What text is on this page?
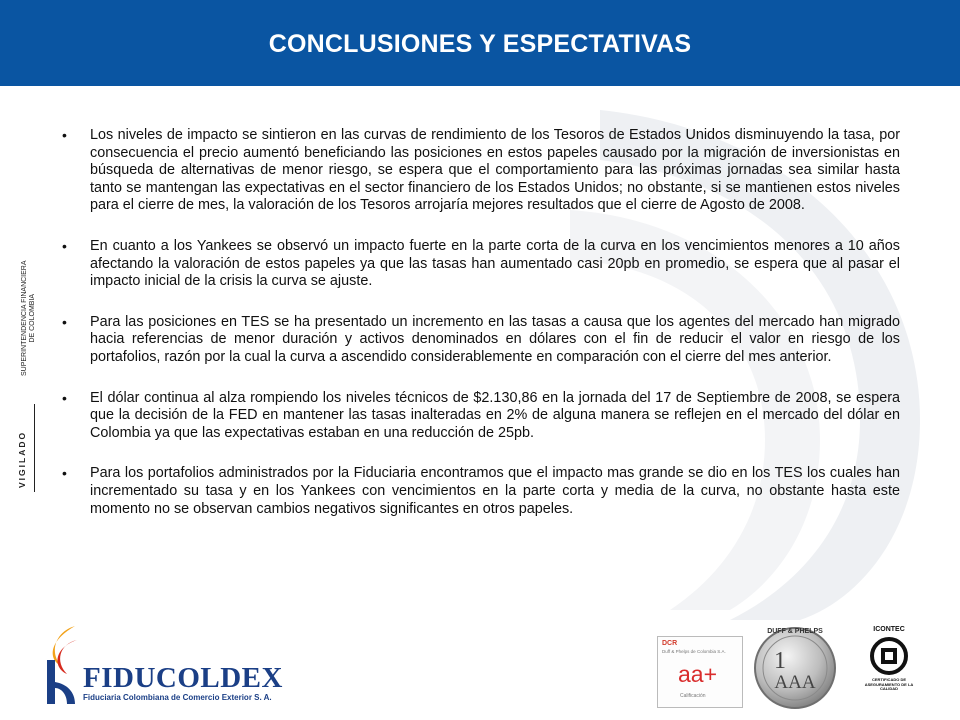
CONCLUSIONES Y ESPECTATIVAS
SUPERINTENDENCIA FINANCIERA DE COLOMBIA
VIGILADO
• Los niveles de impacto se sintieron en las curvas de rendimiento de los Tesoros de Estados Unidos disminuyendo la tasa, por consecuencia el precio aumentó beneficiando las posiciones en estos papeles causado por la migración de inversionistas en búsqueda de alternativas de menor riesgo, se espera que el comportamiento para las próximas jornadas sea similar hasta tanto se mantengan las expectativas en el sector financiero de los Estados Unidos; no obstante, si se mantienen estos niveles para el cierre de mes, la valoración de los Tesoros arrojaría mejores resultados que el cierre de Agosto de 2008.
• En cuanto a los Yankees se observó un impacto fuerte en la parte corta de la curva en los vencimientos menores a 10 años afectando la valoración de estos papeles ya que las tasas han aumentado casi 20pb en promedio, se espera que al pasar el impacto inicial de la crisis la curva se ajuste.
• Para las posiciones en TES se ha presentado un incremento en las tasas a causa que los agentes del mercado han migrado hacia referencias de menor duración y activos denominados en dólares con el fin de reducir el valor en riesgo de los portafolios, razón por la cual la curva a ascendido considerablemente en comparación con el cierre del mes anterior.
• El dólar continua al alza rompiendo los niveles técnicos de $2.130,86 en la jornada del 17 de Septiembre de 2008, se espera que la decisión de la FED en mantener las tasas inalteradas en 2% de alguna manera se reflejen en el mercado del dólar en Colombia ya que las expectativas estaban en una reducción de 25pb.
• Para los portafolios administrados por la Fiduciaria encontramos que el impacto mas grande se dio en los TES los cuales han incrementado su tasa y en los Yankees con vencimientos en la parte corta y media de la curva, no obstante hasta este momento no se observan cambios negativos significantes en otros papeles.
FIDUCOLDEX
Fiduciaria Colombiana de Comercio Exterior S. A.
DCR
Duff & Phelps de Colombia S.A.
aa+
Calificación
DUFF & PHELPS
1
AAA
ICONTEC
CERTIFICADO DE ASEGURAMIENTO DE LA CALIDAD
